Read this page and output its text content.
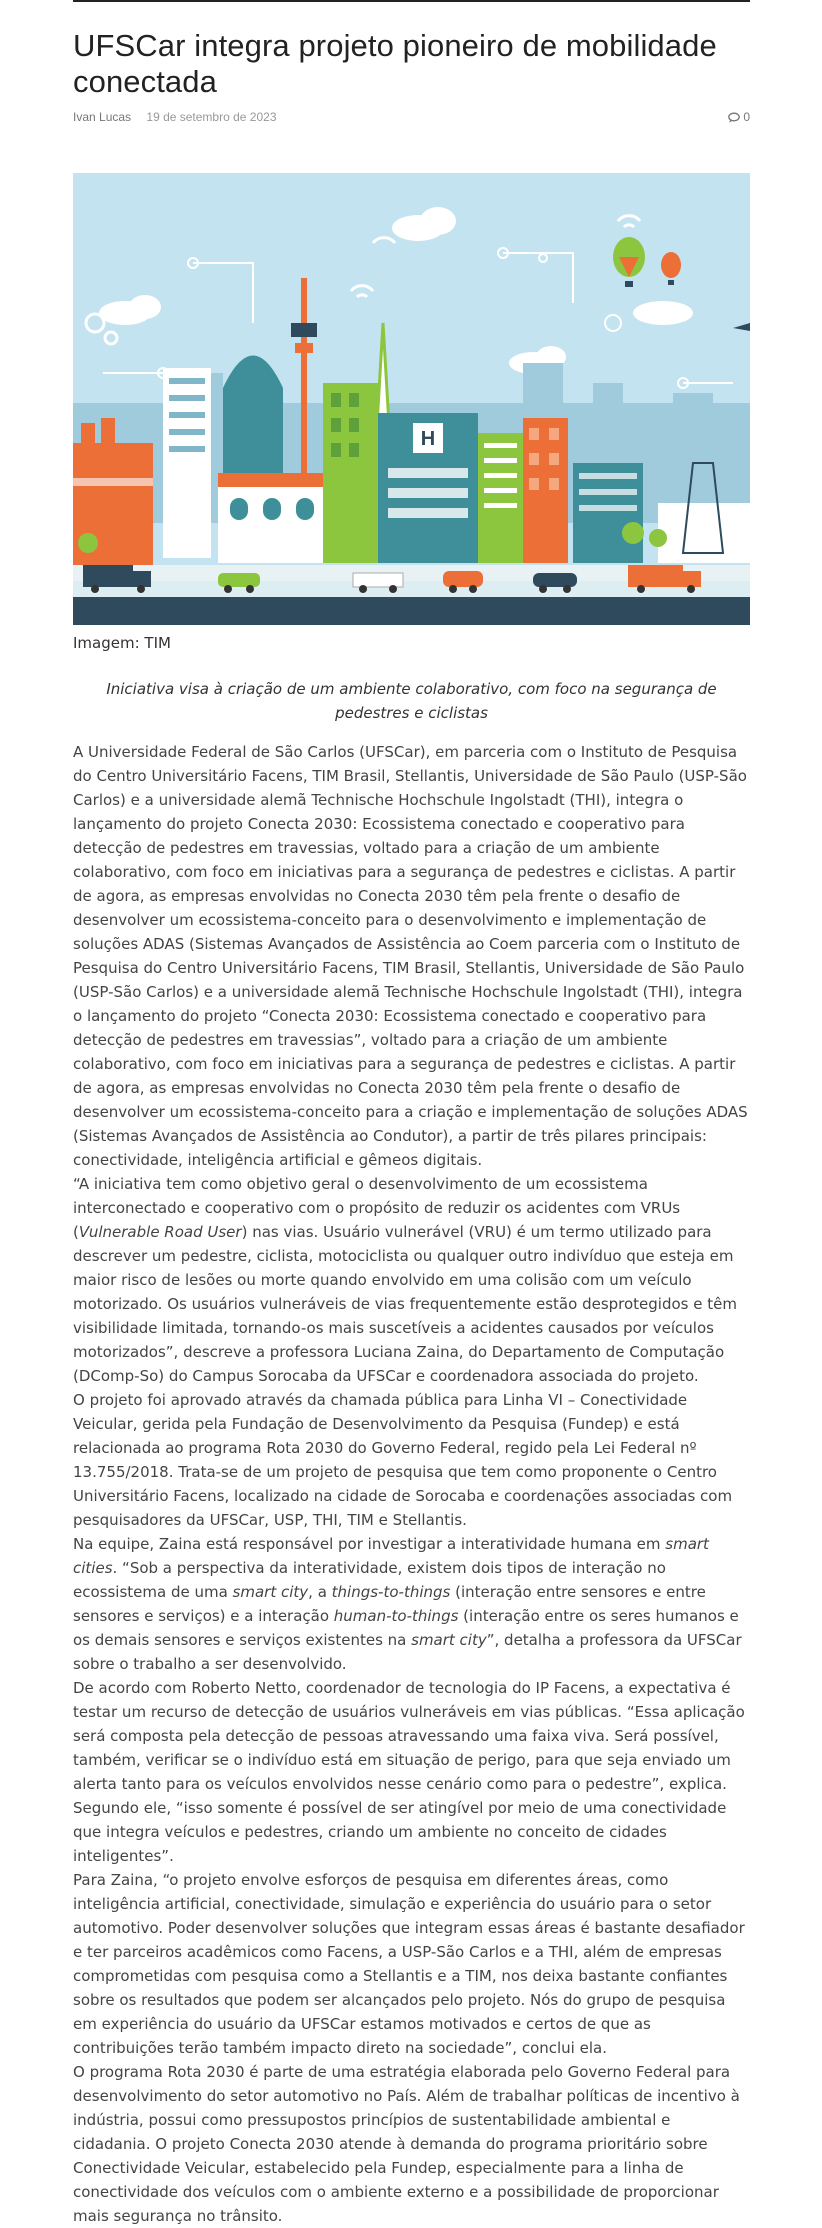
UFSCar integra projeto pioneiro de mobilidade conectada
Ivan Lucas 19 de setembro de 2023	0
H
Imagem: TIM

Iniciativa visa à criação de um ambiente colaborativo, com foco na segurança de pedestres e ciclistas

A Universidade Federal de São Carlos (UFSCar), em parceria com o Instituto de Pesquisa do Centro Universitário Facens, TIM Brasil, Stellantis, Universidade de São Paulo (USP-São Carlos) e a universidade alemã Technische Hochschule Ingolstadt (THI), integra o lançamento do projeto Conecta 2030: Ecossistema conectado e cooperativo para detecção de pedestres em travessias, voltado para a criação de um ambiente colaborativo, com foco em iniciativas para a segurança de pedestres e ciclistas. A partir de agora, as empresas envolvidas no Conecta 2030 têm pela frente o desafio de desenvolver um ecossistema-conceito para o desenvolvimento e implementação de soluções ADAS (Sistemas Avançados de Assistência ao Coem parceria com o Instituto de Pesquisa do Centro Universitário Facens, TIM Brasil, Stellantis, Universidade de São Paulo (USP-São Carlos) e a universidade alemã Technische Hochschule Ingolstadt (THI), integra o lançamento do projeto “Conecta 2030: Ecossistema conectado e cooperativo para detecção de pedestres em travessias”, voltado para a criação de um ambiente colaborativo, com foco em iniciativas para a segurança de pedestres e ciclistas. A partir de agora, as empresas envolvidas no Conecta 2030 têm pela frente o desafio de desenvolver um ecossistema-conceito para a criação e implementação de soluções ADAS (Sistemas Avançados de Assistência ao Condutor), a partir de três pilares principais: conectividade, inteligência artificial e gêmeos digitais.

“A iniciativa tem como objetivo geral o desenvolvimento de um ecossistema interconectado e cooperativo com o propósito de reduzir os acidentes com VRUs (Vulnerable Road User) nas vias. Usuário vulnerável (VRU) é um termo utilizado para descrever um pedestre, ciclista, motociclista ou qualquer outro indivíduo que esteja em maior risco de lesões ou morte quando envolvido em uma colisão com um veículo motorizado. Os usuários vulneráveis de vias frequentemente estão desprotegidos e têm visibilidade limitada, tornando-os mais suscetíveis a acidentes causados por veículos motorizados”, descreve a professora Luciana Zaina, do Departamento de Computação (DComp-So) do Campus Sorocaba da UFSCar e coordenadora associada do projeto.

O projeto foi aprovado através da chamada pública para Linha VI – Conectividade Veicular, gerida pela Fundação de Desenvolvimento da Pesquisa (Fundep) e está relacionada ao programa Rota 2030 do Governo Federal, regido pela Lei Federal nº 13.755/2018. Trata-se de um projeto de pesquisa que tem como proponente o Centro Universitário Facens, localizado na cidade de Sorocaba e coordenações associadas com pesquisadores da UFSCar, USP, THI, TIM e Stellantis.

Na equipe, Zaina está responsável por investigar a interatividade humana em smart cities. “Sob a perspectiva da interatividade, existem dois tipos de interação no ecossistema de uma smart city, a things-to-things (interação entre sensores e entre sensores e serviços) e a interação human-to-things (interação entre os seres humanos e os demais sensores e serviços existentes na smart city”, detalha a professora da UFSCar sobre o trabalho a ser desenvolvido.

De acordo com Roberto Netto, coordenador de tecnologia do IP Facens, a expectativa é testar um recurso de detecção de usuários vulneráveis em vias públicas. “Essa aplicação será composta pela detecção de pessoas atravessando uma faixa viva. Será possível, também, verificar se o indivíduo está em situação de perigo, para que seja enviado um alerta tanto para os veículos envolvidos nesse cenário como para o pedestre”, explica. Segundo ele, “isso somente é possível de ser atingível por meio de uma conectividade que integra veículos e pedestres, criando um ambiente no conceito de cidades inteligentes”.

Para Zaina, “o projeto envolve esforços de pesquisa em diferentes áreas, como inteligência artificial, conectividade, simulação e experiência do usuário para o setor automotivo. Poder desenvolver soluções que integram essas áreas é bastante desafiador e ter parceiros acadêmicos como Facens, a USP-São Carlos e a THI, além de empresas comprometidas com pesquisa como a Stellantis e a TIM, nos deixa bastante confiantes sobre os resultados que podem ser alcançados pelo projeto. Nós do grupo de pesquisa em experiência do usuário da UFSCar estamos motivados e certos de que as contribuições terão também impacto direto na sociedade”, conclui ela.

O programa Rota 2030 é parte de uma estratégia elaborada pelo Governo Federal para desenvolvimento do setor automotivo no País. Além de trabalhar políticas de incentivo à indústria, possui como pressupostos princípios de sustentabilidade ambiental e cidadania. O projeto Conecta 2030 atende à demanda do programa prioritário sobre Conectividade Veicular, estabelecido pela Fundep, especialmente para a linha de conectividade dos veículos com o ambiente externo e a possibilidade de proporcionar mais segurança no trânsito.
